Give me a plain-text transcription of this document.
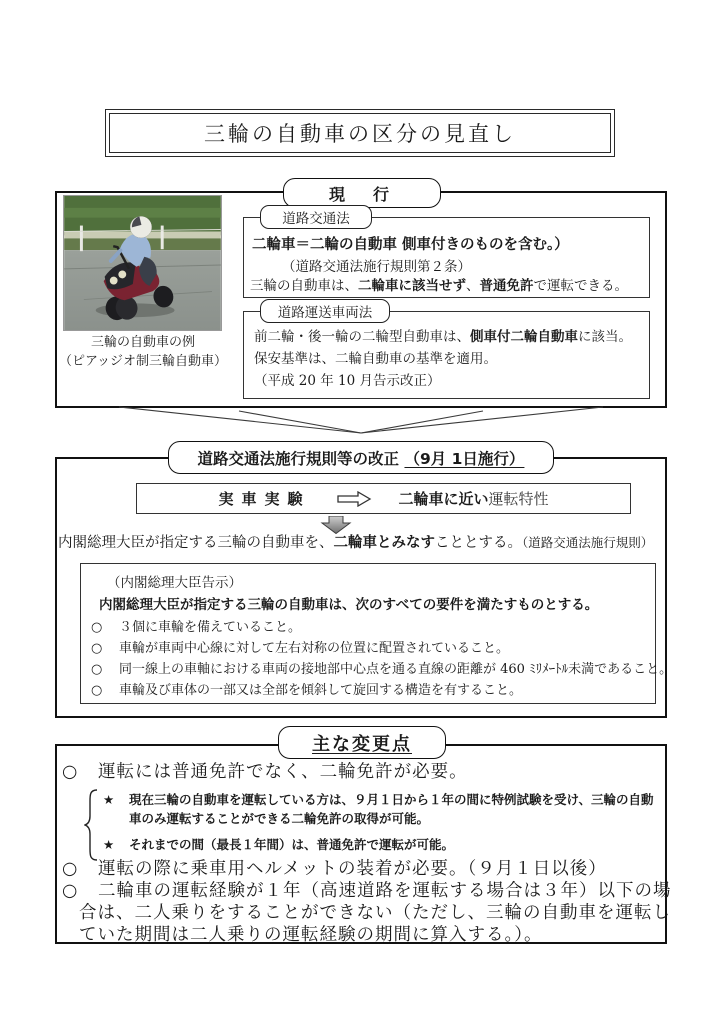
三輪の自動車の区分の見直し
現　行
三輪の自動車の例
（ピアッジオ制三輪自動車）
道路交通法
二輪車＝二輪の自動車 側車付きのものを含む。）
（道路交通法施行規則第２条）
三輪の自動車は、二輪車に該当せず、普通免許で運転できる。
道路運送車両法
前二輪・後一輪の二輪型自動車は、側車付二輪自動車に該当。
保安基準は、二輪自動車の基準を適用。
（平成 20 年 10 月告示改正）
道路交通法施行規則等の改正
（9月 1日施行）
実車実験	二輪車に近い運転特性
内閣総理大臣が指定する三輪の自動車を、二輪車とみなすこととする。（道路交通法施行規則）
（内閣総理大臣告示）
内閣総理大臣が指定する三輪の自動車は、次のすべての要件を満たすものとする。
○ ３個に車輪を備えていること。
○ 車輪が車両中心線に対して左右対称の位置に配置されていること。
○ 同一線上の車軸における車両の接地部中心点を通る直線の距離が 460 ﾐﾘﾒｰﾄﾙ未満であること。
○ 車輪及び車体の一部又は全部を傾斜して旋回する構造を有すること。
主な変更点
○ 運転には普通免許でなく、二輪免許が必要。
★ 現在三輪の自動車を運転している方は、９月１日から１年の間に特例試験を受け、三輪の自動車のみ運転することができる二輪免許の取得が可能。
★ それまでの間（最長１年間）は、普通免許で運転が可能。
○ 運転の際に乗車用ヘルメットの装着が必要。（９月１日以後）
○ 二輪車の運転経験が１年（高速道路を運転する場合は３年）以下の場合は、二人乗りをすることができない（ただし、三輪の自動車を運転していた期間は二人乗りの運転経験の期間に算入する。）。
